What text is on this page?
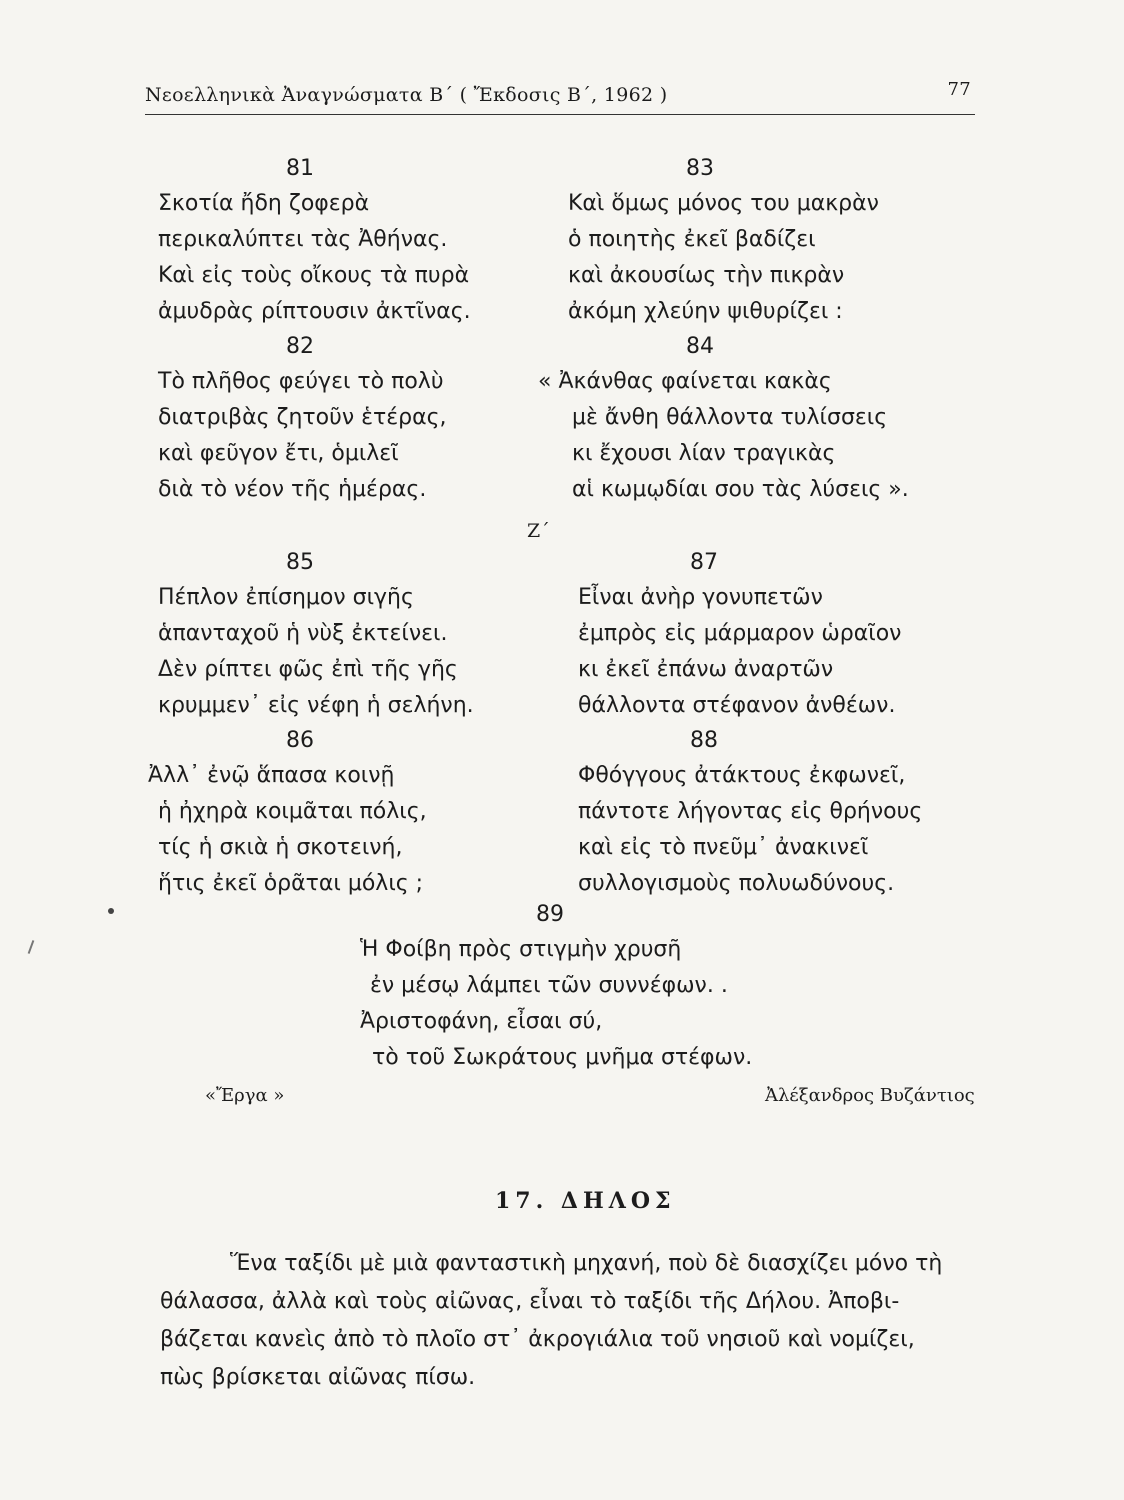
Νεοελληνικὰ Ἀναγνώσματα Β΄ ( Ἔκδοσις Β΄, 1962 )	77
81
Σκοτία ἤδη ζοφερὰ
περικαλύπτει τὰς Ἀθήνας.
Καὶ εἰς τοὺς οἴκους τὰ πυρὰ
ἀμυδρὰς ρίπτουσιν ἀκτῖνας.
82
Τὸ πλῆθος φεύγει τὸ πολὺ
διατριβὰς ζητοῦν ἑτέρας,
καὶ φεῦγον ἔτι, ὁμιλεῖ
διὰ τὸ νέον τῆς ἡμέρας.
83
Καὶ ὅμως μόνος του μακρὰν
ὁ ποιητὴς ἐκεῖ βαδίζει
καὶ ἀκουσίως τὴν πικρὰν
ἀκόμη χλεύην ψιθυρίζει :
84
« Ἀκάνθας φαίνεται κακὰς
μὲ ἄνθη θάλλοντα τυλίσσεις
κι ἔχουσι λίαν τραγικὰς
αἱ κωμῳδίαι σου τὰς λύσεις ».
Ζ΄
85
Πέπλον ἐπίσημον σιγῆς
ἁπανταχοῦ ἡ νὺξ ἐκτείνει.
Δὲν ρίπτει φῶς ἐπὶ τῆς γῆς
κρυμμεν᾽ εἰς νέφη ἡ σελήνη.
86
Ἀλλ᾽ ἐνῷ ἅπασα κοινῇ
ἡ ἠχηρὰ κοιμᾶται πόλις,
τίς ἡ σκιὰ ἡ σκοτεινή,
ἥτις ἐκεῖ ὁρᾶται μόλις ;
87
Εἶναι ἀνὴρ γονυπετῶν
ἐμπρὸς εἰς μάρμαρον ὡραῖον
κι ἐκεῖ ἐπάνω ἀναρτῶν
θάλλοντα στέφανον ἀνθέων.
88
Φθόγγους ἀτάκτους ἐκφωνεῖ,
πάντοτε λήγοντας εἰς θρήνους
καὶ εἰς τὸ πνεῦμ᾽ ἀνακινεῖ
συλλογισμοὺς πολυωδύνους.
89
Ἡ Φοίβη πρὸς στιγμὴν χρυσῆ
ἐν μέσῳ λάμπει τῶν συννέφων. .
Ἀριστοφάνη, εἶσαι σύ,
τὸ τοῦ Σωκράτους μνῆμα στέφων.
«Ἔργα »	Ἀλέξανδρος Βυζάντιος
17. ΔΗΛΟΣ
Ἕνα ταξίδι μὲ μιὰ φανταστικὴ μηχανή, ποὺ δὲ διασχίζει μόνο τὴ
θάλασσα, ἀλλὰ καὶ τοὺς αἰῶνας, εἶναι τὸ ταξίδι τῆς Δήλου. Ἀποβι-
βάζεται κανεὶς ἀπὸ τὸ πλοῖο στ᾽ ἀκρογιάλια τοῦ νησιοῦ καὶ νομίζει,
πὼς βρίσκεται αἰῶνας πίσω.
